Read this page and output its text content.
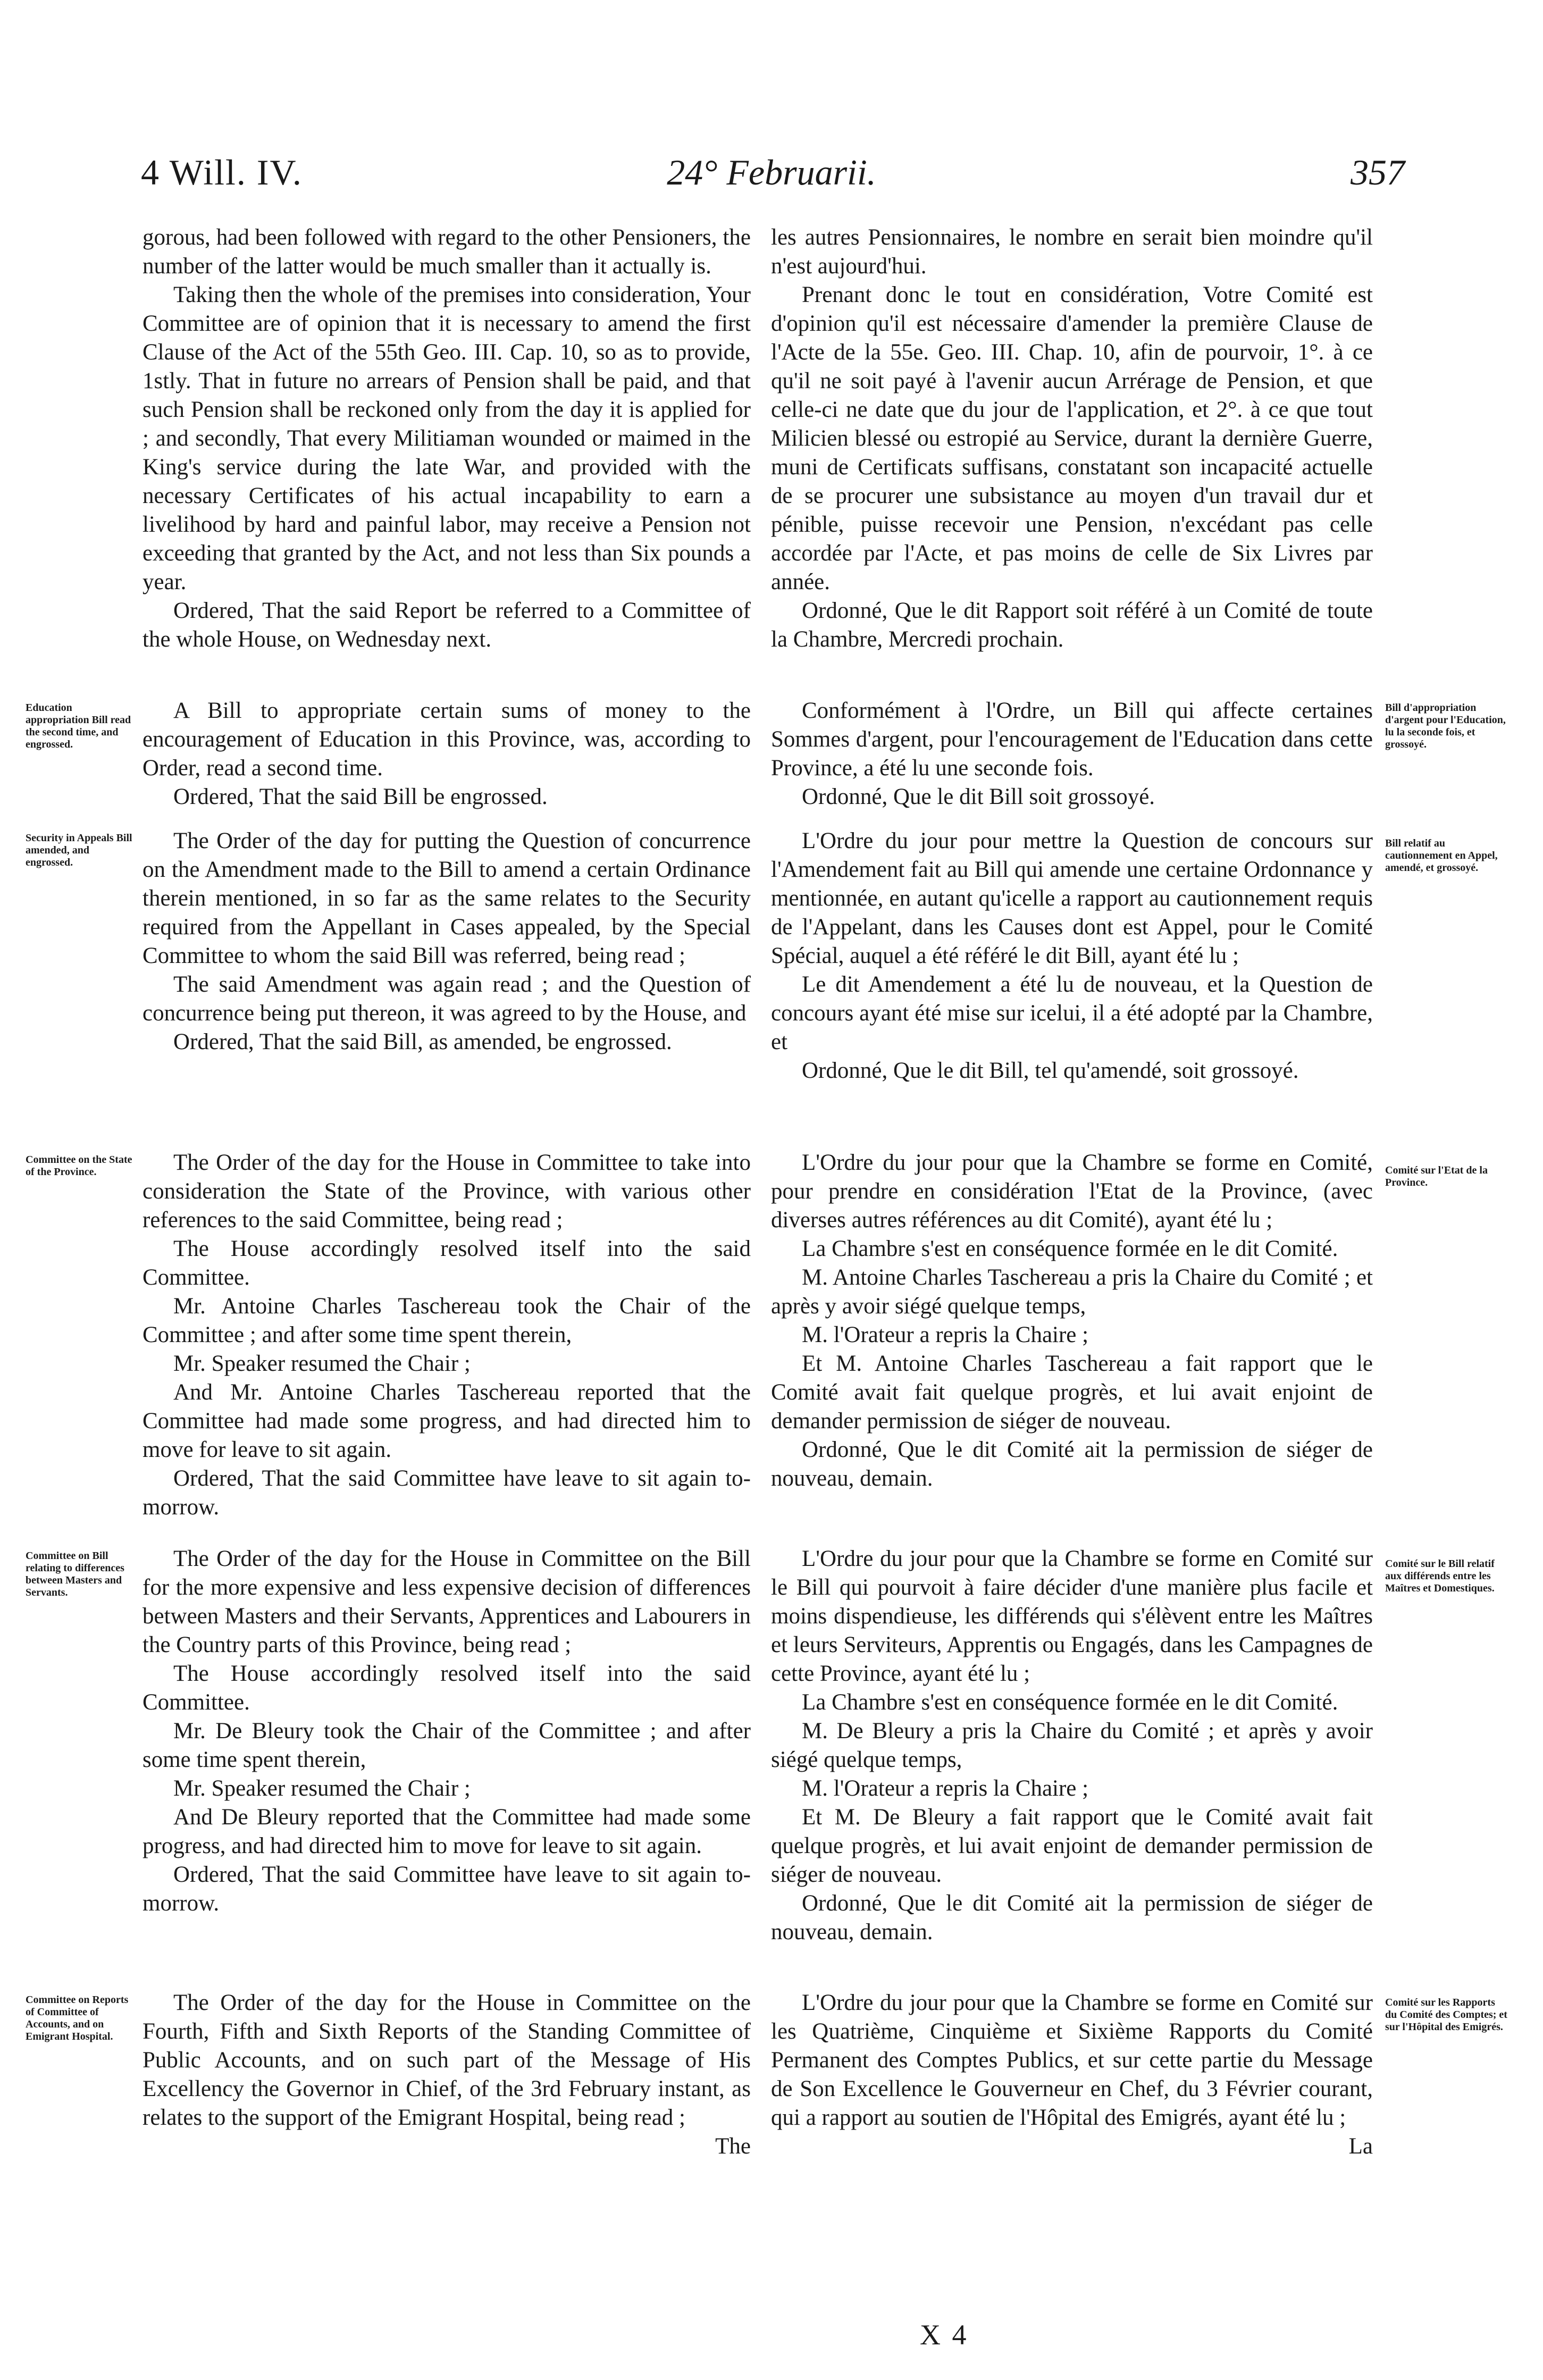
4 Will. IV.	24° Februarii.	357

gorous, had been followed with regard to the other Pensioners, the number of the latter would be much smaller than it actually is.

Taking then the whole of the premises into consideration, Your Committee are of opinion that it is necessary to amend the first Clause of the Act of the 55th Geo. III. Cap. 10, so as to provide, 1stly. That in future no arrears of Pension shall be paid, and that such Pension shall be reckoned only from the day it is applied for ; and secondly, That every Militiaman wounded or maimed in the King's service during the late War, and provided with the necessary Certificates of his actual incapability to earn a livelihood by hard and painful labor, may receive a Pension not exceeding that granted by the Act, and not less than Six pounds a year.

Ordered, That the said Report be referred to a Committee of the whole House, on Wednesday next.

A Bill to appropriate certain sums of money to the encouragement of Education in this Province, was, according to Order, read a second time.

Ordered, That the said Bill be engrossed.

The Order of the day for putting the Question of concurrence on the Amendment made to the Bill to amend a certain Ordinance therein mentioned, in so far as the same relates to the Security required from the Appellant in Cases appealed, by the Special Committee to whom the said Bill was referred, being read ;

The said Amendment was again read ; and the Question of concurrence being put thereon, it was agreed to by the House, and

Ordered, That the said Bill, as amended, be engrossed.

The Order of the day for the House in Committee to take into consideration the State of the Province, with various other references to the said Committee, being read ;

The House accordingly resolved itself into the said Committee.

Mr. Antoine Charles Taschereau took the Chair of the Committee ; and after some time spent therein,

Mr. Speaker resumed the Chair ;

And Mr. Antoine Charles Taschereau reported that the Committee had made some progress, and had directed him to move for leave to sit again.

Ordered, That the said Committee have leave to sit again to-morrow.

The Order of the day for the House in Committee on the Bill for the more expensive and less expensive decision of differences between Masters and their Servants, Apprentices and Labourers in the Country parts of this Province, being read ;

The House accordingly resolved itself into the said Committee.

Mr. De Bleury took the Chair of the Committee ; and after some time spent therein,

Mr. Speaker resumed the Chair ;

And De Bleury reported that the Committee had made some progress, and had directed him to move for leave to sit again.

Ordered, That the said Committee have leave to sit again to-morrow.

The Order of the day for the House in Committee on the Fourth, Fifth and Sixth Reports of the Standing Committee of Public Accounts, and on such part of the Message of His Excellency the Governor in Chief, of the 3rd February instant, as relates to the support of the Emigrant Hospital, being read ;

The

les autres Pensionnaires, le nombre en serait bien moindre qu'il n'est aujourd'hui.

Prenant donc le tout en considération, Votre Comité est d'opinion qu'il est nécessaire d'amender la première Clause de l'Acte de la 55e. Geo. III. Chap. 10, afin de pourvoir, 1°. à ce qu'il ne soit payé à l'avenir aucun Arrérage de Pension, et que celle-ci ne date que du jour de l'application, et 2°. à ce que tout Milicien blessé ou estropié au Service, durant la dernière Guerre, muni de Certificats suffisans, constatant son incapacité actuelle de se procurer une subsistance au moyen d'un travail dur et pénible, puisse recevoir une Pension, n'excédant pas celle accordée par l'Acte, et pas moins de celle de Six Livres par année.

Ordonné, Que le dit Rapport soit référé à un Comité de toute la Chambre, Mercredi prochain.

Conformément à l'Ordre, un Bill qui affecte certaines Sommes d'argent, pour l'encouragement de l'Education dans cette Province, a été lu une seconde fois.

Ordonné, Que le dit Bill soit grossoyé.

L'Ordre du jour pour mettre la Question de concours sur l'Amendement fait au Bill qui amende une certaine Ordonnance y mentionnée, en autant qu'icelle a rapport au cautionnement requis de l'Appelant, dans les Causes dont est Appel, pour le Comité Spécial, auquel a été référé le dit Bill, ayant été lu ;

Le dit Amendement a été lu de nouveau, et la Question de concours ayant été mise sur icelui, il a été adopté par la Chambre, et

Ordonné, Que le dit Bill, tel qu'amendé, soit grossoyé.

L'Ordre du jour pour que la Chambre se forme en Comité, pour prendre en considération l'Etat de la Province, (avec diverses autres références au dit Comité), ayant été lu ;

La Chambre s'est en conséquence formée en le dit Comité.

M. Antoine Charles Taschereau a pris la Chaire du Comité ; et après y avoir siégé quelque temps,

M. l'Orateur a repris la Chaire ;

Et M. Antoine Charles Taschereau a fait rapport que le Comité avait fait quelque progrès, et lui avait enjoint de demander permission de siéger de nouveau.

Ordonné, Que le dit Comité ait la permission de siéger de nouveau, demain.

L'Ordre du jour pour que la Chambre se forme en Comité sur le Bill qui pourvoit à faire décider d'une manière plus facile et moins dispendieuse, les différends qui s'élèvent entre les Maîtres et leurs Serviteurs, Apprentis ou Engagés, dans les Campagnes de cette Province, ayant été lu ;

La Chambre s'est en conséquence formée en le dit Comité.

M. De Bleury a pris la Chaire du Comité ; et après y avoir siégé quelque temps,

M. l'Orateur a repris la Chaire ;

Et M. De Bleury a fait rapport que le Comité avait fait quelque progrès, et lui avait enjoint de demander permission de siéger de nouveau.

Ordonné, Que le dit Comité ait la permission de siéger de nouveau, demain.

L'Ordre du jour pour que la Chambre se forme en Comité sur les Quatrième, Cinquième et Sixième Rapports du Comité Permanent des Comptes Publics, et sur cette partie du Message de Son Excellence le Gouverneur en Chef, du 3 Février courant, qui a rapport au soutien de l'Hôpital des Emigrés, ayant été lu ;

La

Education appropriation Bill read the second time, and engrossed.
Security in Appeals Bill amended, and engrossed.
Committee on the State of the Province.
Committee on Bill relating to differences between Masters and Servants.
Committee on Reports of Committee of Accounts, and on Emigrant Hospital.
Bill d'appropriation d'argent pour l'Education, lu la seconde fois, et grossoyé.
Bill relatif au cautionnement en Appel, amendé, et grossoyé.
Comité sur l'Etat de la Province.
Comité sur le Bill relatif aux différends entre les Maîtres et Domestiques.
Comité sur les Rapports du Comité des Comptes; et sur l'Hôpital des Emigrés.
X 4
